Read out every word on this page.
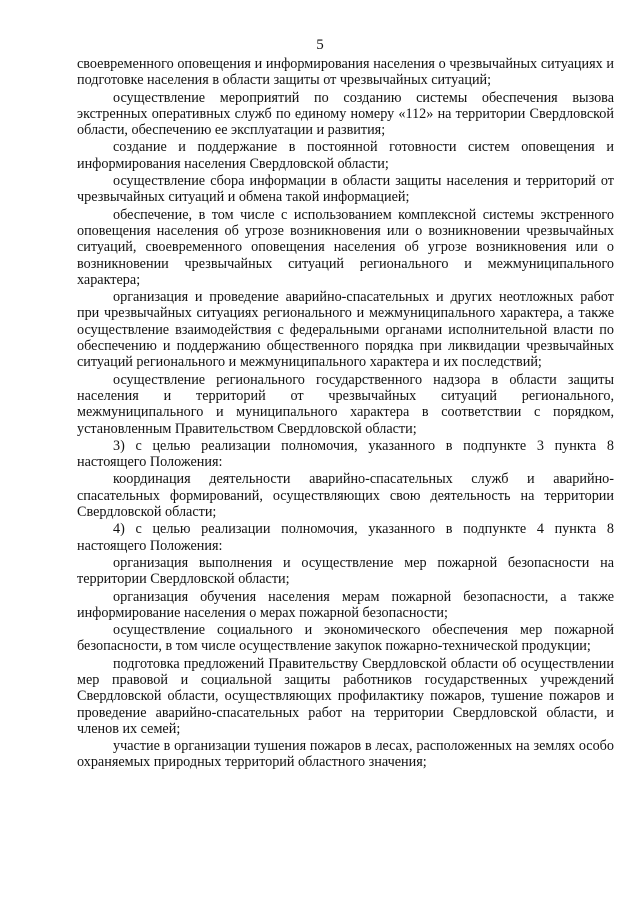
5

своевременного оповещения и информирования населения о чрезвычайных ситуациях и подготовке населения в области защиты от чрезвычайных ситуаций;

осуществление мероприятий по созданию системы обеспечения вызова экстренных оперативных служб по единому номеру «112» на территории Свердловской области, обеспечению ее эксплуатации и развития;

создание и поддержание в постоянной готовности систем оповещения и информирования населения Свердловской области;

осуществление сбора информации в области защиты населения и территорий от чрезвычайных ситуаций и обмена такой информацией;

обеспечение, в том числе с использованием комплексной системы экстренного оповещения населения об угрозе возникновения или о возникновении чрезвычайных ситуаций, своевременного оповещения населения об угрозе возникновения или о возникновении чрезвычайных ситуаций регионального и межмуниципального характера;

организация и проведение аварийно-спасательных и других неотложных работ при чрезвычайных ситуациях регионального и межмуниципального характера, а также осуществление взаимодействия с федеральными органами исполнительной власти по обеспечению и поддержанию общественного порядка при ликвидации чрезвычайных ситуаций регионального и межмуниципального характера и их последствий;

осуществление регионального государственного надзора в области защиты населения и территорий от чрезвычайных ситуаций регионального, межмуниципального и муниципального характера в соответствии с порядком, установленным Правительством Свердловской области;

3) с целью реализации полномочия, указанного в подпункте 3 пункта 8 настоящего Положения:

координация деятельности аварийно-спасательных служб и аварийно-спасательных формирований, осуществляющих свою деятельность на территории Свердловской области;

4) с целью реализации полномочия, указанного в подпункте 4 пункта 8 настоящего Положения:

организация выполнения и осуществление мер пожарной безопасности на территории Свердловской области;

организация обучения населения мерам пожарной безопасности, а также информирование населения о мерах пожарной безопасности;

осуществление социального и экономического обеспечения мер пожарной безопасности, в том числе осуществление закупок пожарно-технической продукции;

подготовка предложений Правительству Свердловской области об осуществлении мер правовой и социальной защиты работников государственных учреждений Свердловской области, осуществляющих профилактику пожаров, тушение пожаров и проведение аварийно-спасательных работ на территории Свердловской области, и членов их семей;

участие в организации тушения пожаров в лесах, расположенных на землях особо охраняемых природных территорий областного значения;
